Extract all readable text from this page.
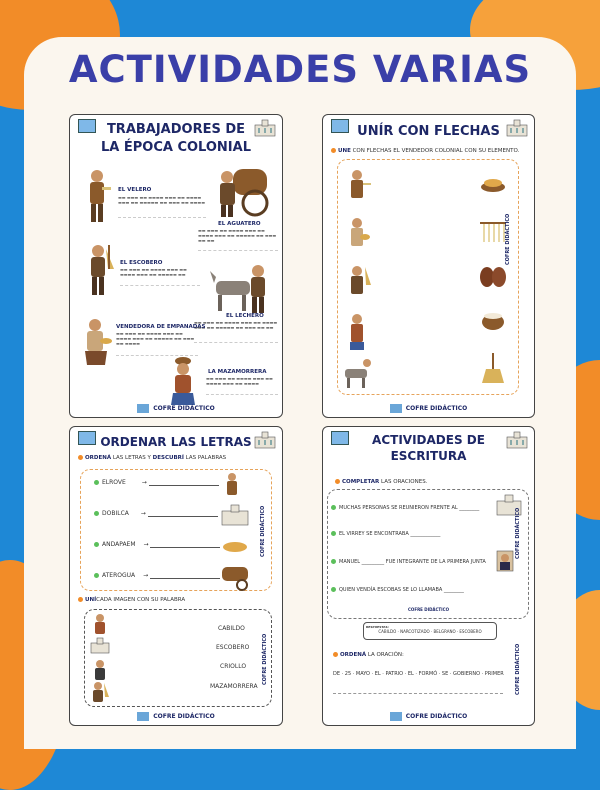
ACTIVIDADES VARIAS
TRABAJADORES DE
LA ÉPOCA COLONIAL
EL VELERO
▬▬ ▬▬▬ ▬▬ ▬▬▬▬ ▬▬▬ ▬▬ ▬▬▬▬ ▬▬▬ ▬▬ ▬▬▬▬▬ ▬▬ ▬▬▬ ▬▬ ▬▬▬▬
EL AGUATERO
▬▬ ▬▬▬ ▬▬ ▬▬▬▬ ▬▬▬ ▬▬ ▬▬▬▬ ▬▬▬ ▬▬ ▬▬▬▬▬ ▬▬ ▬▬▬ ▬▬ ▬▬
EL ESCOBERO
▬▬ ▬▬▬ ▬▬ ▬▬▬▬ ▬▬▬ ▬▬ ▬▬▬▬ ▬▬▬ ▬▬ ▬▬▬▬▬ ▬▬
EL LECHERO
▬▬ ▬▬▬ ▬▬ ▬▬▬▬ ▬▬▬ ▬▬ ▬▬▬▬ ▬▬▬ ▬▬ ▬▬▬▬▬ ▬▬ ▬▬▬ ▬▬ ▬▬
VENDEDORA DE EMPANADAS
▬▬ ▬▬▬ ▬▬ ▬▬▬▬ ▬▬▬ ▬▬ ▬▬▬▬ ▬▬▬ ▬▬ ▬▬▬▬▬ ▬▬ ▬▬▬ ▬▬ ▬▬▬▬
LA MAZAMORRERA
▬▬ ▬▬▬ ▬▬ ▬▬▬▬ ▬▬▬ ▬▬ ▬▬▬▬ ▬▬▬ ▬▬ ▬▬▬▬
COFRE DIDÁCTICO
UNÍR CON FLECHAS
UNE CON FLECHAS EL VENDEDOR COLONIAL CON SU ELEMENTO.
COFRE DIDÁCTICO
COFRE DIDÁCTICO
ORDENAR LAS LETRAS
ORDENÁ LAS LETRAS Y DESCUBRÍ LAS PALABRAS
ELROVE	→
DOBILCA →
ANDAPAEM →
ATEROGUA →
COFRE DIDÁCTICO
UNÍCADA IMAGEN CON SU PALABRA
CABILDO
ESCOBERO
CRIOLLO
MAZAMORRERA
COFRE DIDÁCTICO
COFRE DIDÁCTICO
ACTIVIDADES DE
ESCRITURA
COMPLETAR LAS ORACIONES.
MUCHAS PERSONAS SE REUNIERON FRENTE AL ________
EL VIRREY SE ENCONTRABA ____________
MANUEL _________ FUE INTEGRANTE DE LA PRIMERA JUNTA
QUIEN VENDÍA ESCOBAS SE LO LLAMABA ________
COFRE DIDÁCTICO
COFRE DIDÁCTICO
RESPUESTAS:
CABILDO · NARCOTIZADO · BELGRANO · ESCOBERO
ORDENÁ LA ORACIÓN:
DE · 25 · MAYO · EL · PATRIO · EL · FORMÓ · SE · GOBIERNO · PRIMER COFRE DIDÁCTICO
COFRE DIDÁCTICO
